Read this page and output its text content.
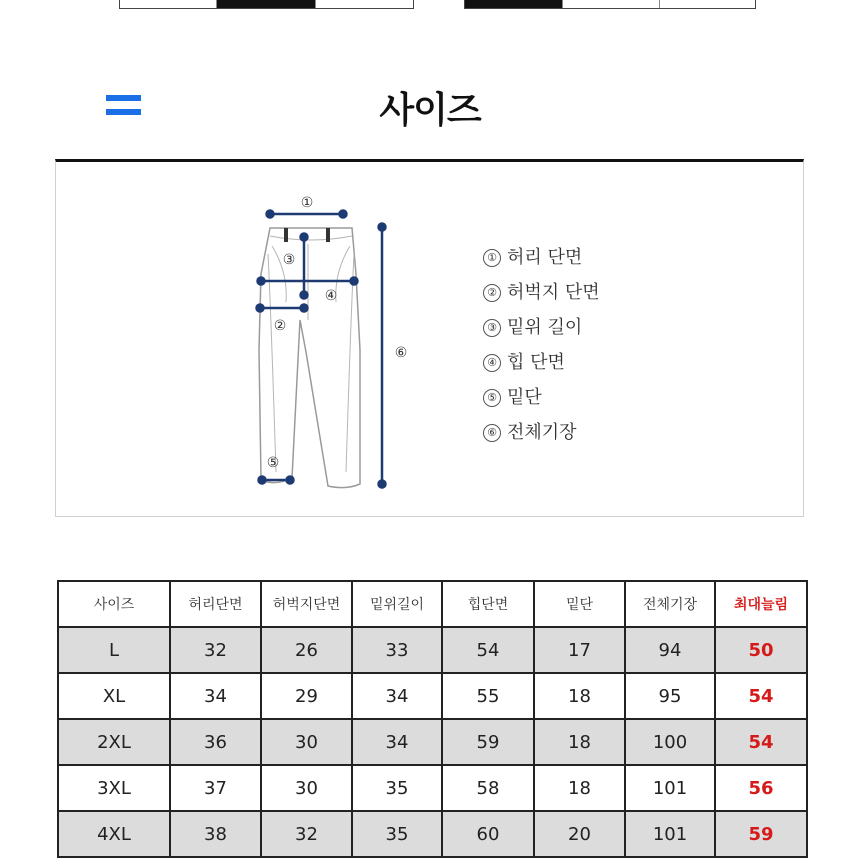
사이즈
①
②
③
④
⑤
⑥
① 허리 단면
② 허벅지 단면
③ 밑위 길이
④ 힙 단면
⑤ 밑단
⑥ 전체기장
사이즈	허리단면	허벅지단면	밑위길이	힙단면	밑단	전체기장	최대늘림
L	32	26	33	54	17	94	50
XL	34	29	34	55	18	95	54
2XL	36	30	34	59	18	100	54
3XL	37	30	35	58	18	101	56
4XL	38	32	35	60	20	101	59
